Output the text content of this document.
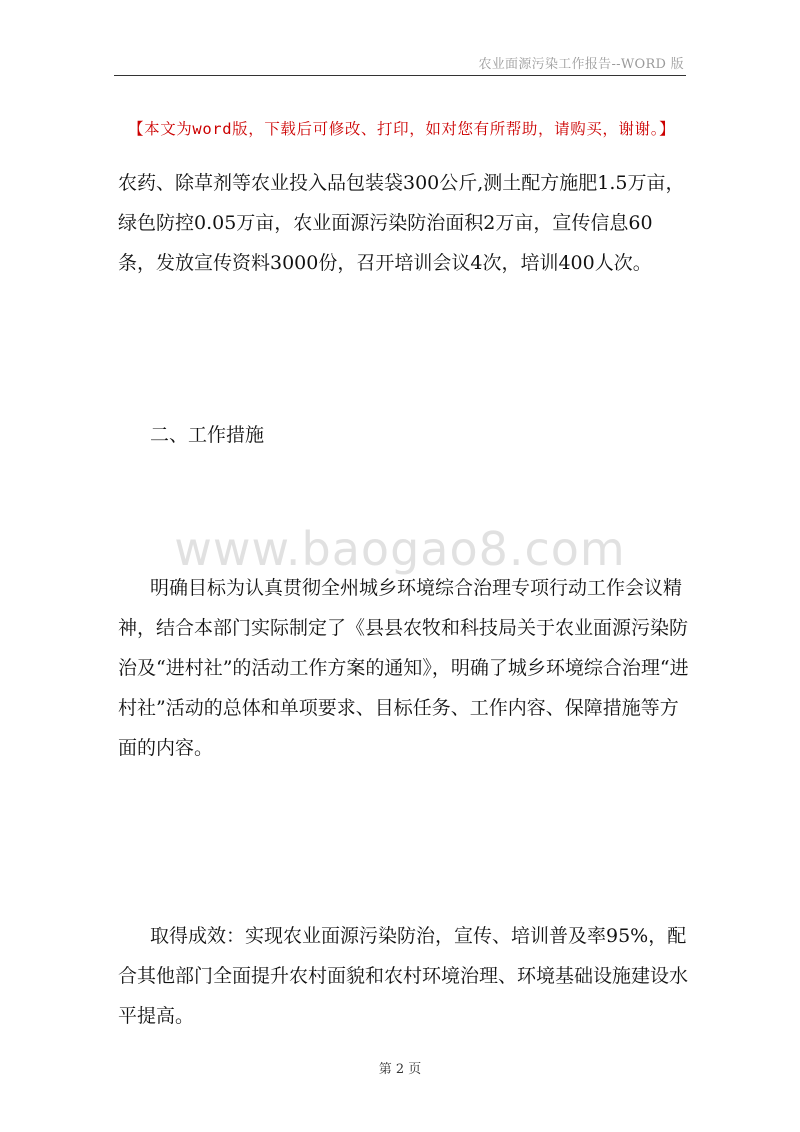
农业面源污染工作报告--WORD 版
【本文为word版，下载后可修改、打印，如对您有所帮助，请购买，谢谢。】
农药、除草剂等农业投入品包装袋300公斤,测土配方施肥1.5万亩，绿色防控0.05万亩，农业面源污染防治面积2万亩，宣传信息60条，发放宣传资料3000份，召开培训会议4次，培训400人次。
二、工作措施
www.baogao8.com
明确目标为认真贯彻全州城乡环境综合治理专项行动工作会议精神，结合本部门实际制定了《县县农牧和科技局关于农业面源污染防治及“进村社”的活动工作方案的通知》，明确了城乡环境综合治理“进村社”活动的总体和单项要求、目标任务、工作内容、保障措施等方面的内容。
取得成效：实现农业面源污染防治，宣传、培训普及率95%，配合其他部门全面提升农村面貌和农村环境治理、环境基础设施建设水平提高。
第 2 页
